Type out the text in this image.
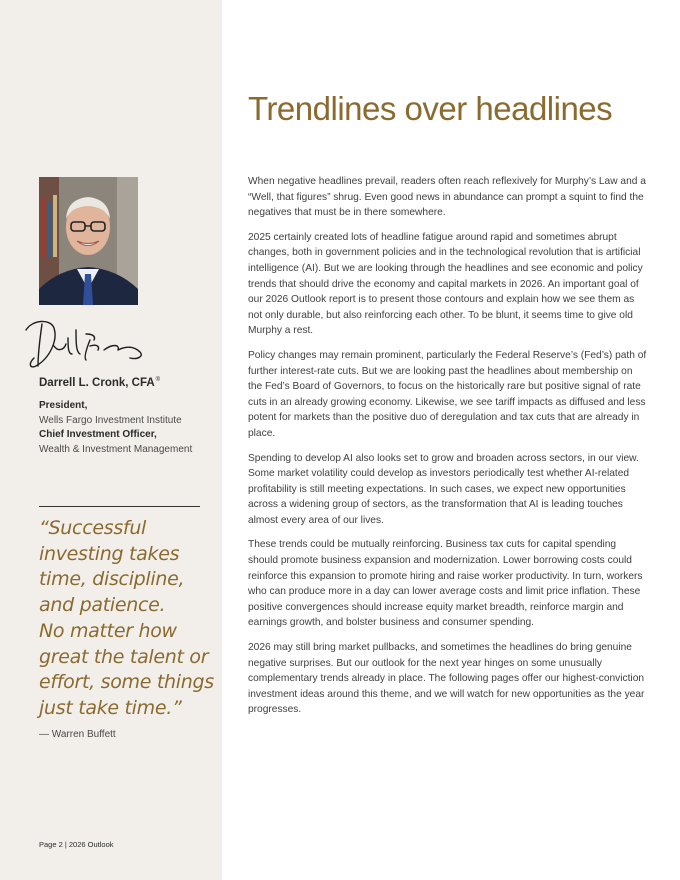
Darrell L. Cronk, CFA®
President,
Wells Fargo Investment Institute
Chief Investment Officer,
Wealth & Investment Management
“Successful
investing takes
time, discipline,
and patience.
No matter how
great the talent or
effort, some things
just take time.”
— Warren Buffett
Page 2 | 2026 Outlook
Trendlines over headlines

When negative headlines prevail, readers often reach reflexively for Murphy’s Law and a “Well, that figures” shrug. Even good news in abundance can prompt a squint to find the negatives that must be in there somewhere.

2025 certainly created lots of headline fatigue around rapid and sometimes abrupt changes, both in government policies and in the technological revolution that is artificial intelligence (AI). But we are looking through the headlines and see economic and policy trends that should drive the economy and capital markets in 2026. An important goal of our 2026 Outlook report is to present those contours and explain how we see them as not only durable, but also reinforcing each other. To be blunt, it seems time to give old Murphy a rest.

Policy changes may remain prominent, particularly the Federal Reserve’s (Fed’s) path of further interest-rate cuts. But we are looking past the headlines about membership on the Fed’s Board of Governors, to focus on the historically rare but positive signal of rate cuts in an already growing economy. Likewise, we see tariff impacts as diffused and less potent for markets than the positive duo of deregulation and tax cuts that are already in place.

Spending to develop AI also looks set to grow and broaden across sectors, in our view. Some market volatility could develop as investors periodically test whether AI-related profitability is still meeting expectations. In such cases, we expect new opportunities across a widening group of sectors, as the transformation that AI is leading touches almost every area of our lives.

These trends could be mutually reinforcing. Business tax cuts for capital spending should promote business expansion and modernization. Lower borrowing costs could reinforce this expansion to promote hiring and raise worker productivity. In turn, workers who can produce more in a day can lower average costs and limit price inflation. These positive convergences should increase equity market breadth, reinforce margin and earnings growth, and bolster business and consumer spending.

2026 may still bring market pullbacks, and sometimes the headlines do bring genuine negative surprises. But our outlook for the next year hinges on some unusually complementary trends already in place. The following pages offer our highest-conviction investment ideas around this theme, and we will watch for new opportunities as the year progresses.
